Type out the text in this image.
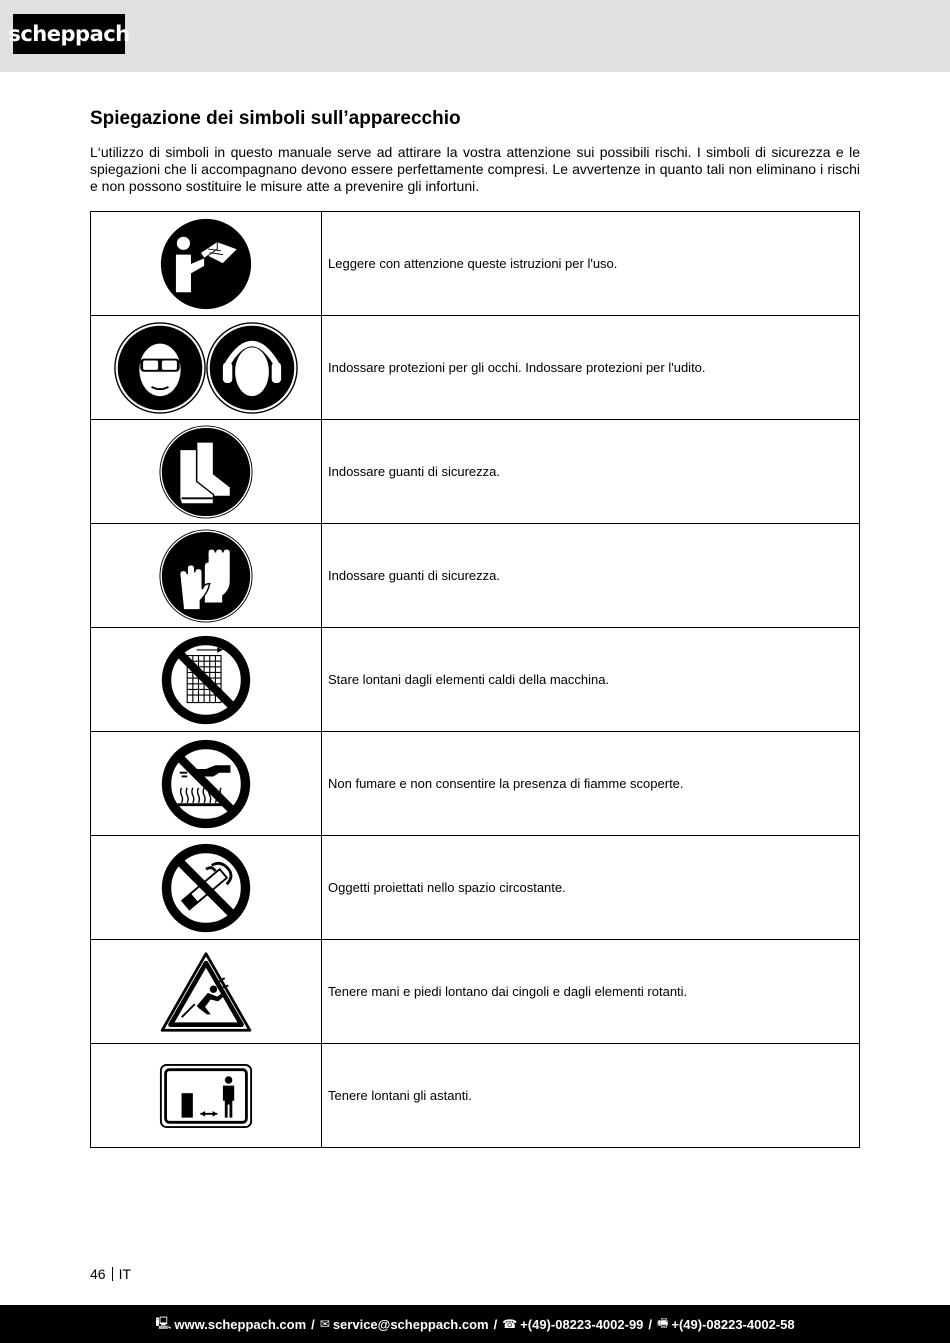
scheppach
Spiegazione dei simboli sull’apparecchio

L‘utilizzo di simboli in questo manuale serve ad attirare la vostra attenzione sui possibili rischi. I simboli di sicurezza e le spiegazioni che li accompagnano devono essere perfettamente compresi. Le avvertenze in quanto tali non eliminano i rischi e non possono sostituire le misure atte a prevenire gli infortuni.

	Leggere con attenzione queste istruzioni per l'uso.

	Indossare protezioni per gli occhi. Indossare protezioni per l'udito.

	Indossare guanti di sicurezza.

	Indossare guanti di sicurezza.

	Stare lontani dagli elementi caldi della macchina.

	Non fumare e non consentire la presenza di fiamme scoperte.

	Oggetti proiettati nello spazio circostante.

	Tenere mani e piedi lontano dai cingoli e dagli elementi rotanti.

	Tenere lontani gli astanti.
46 IT
🖳 www.scheppach.com / ✉ service@scheppach.com / ☎ +(49)-08223-4002-99 / 🖷 +(49)-08223-4002-58
